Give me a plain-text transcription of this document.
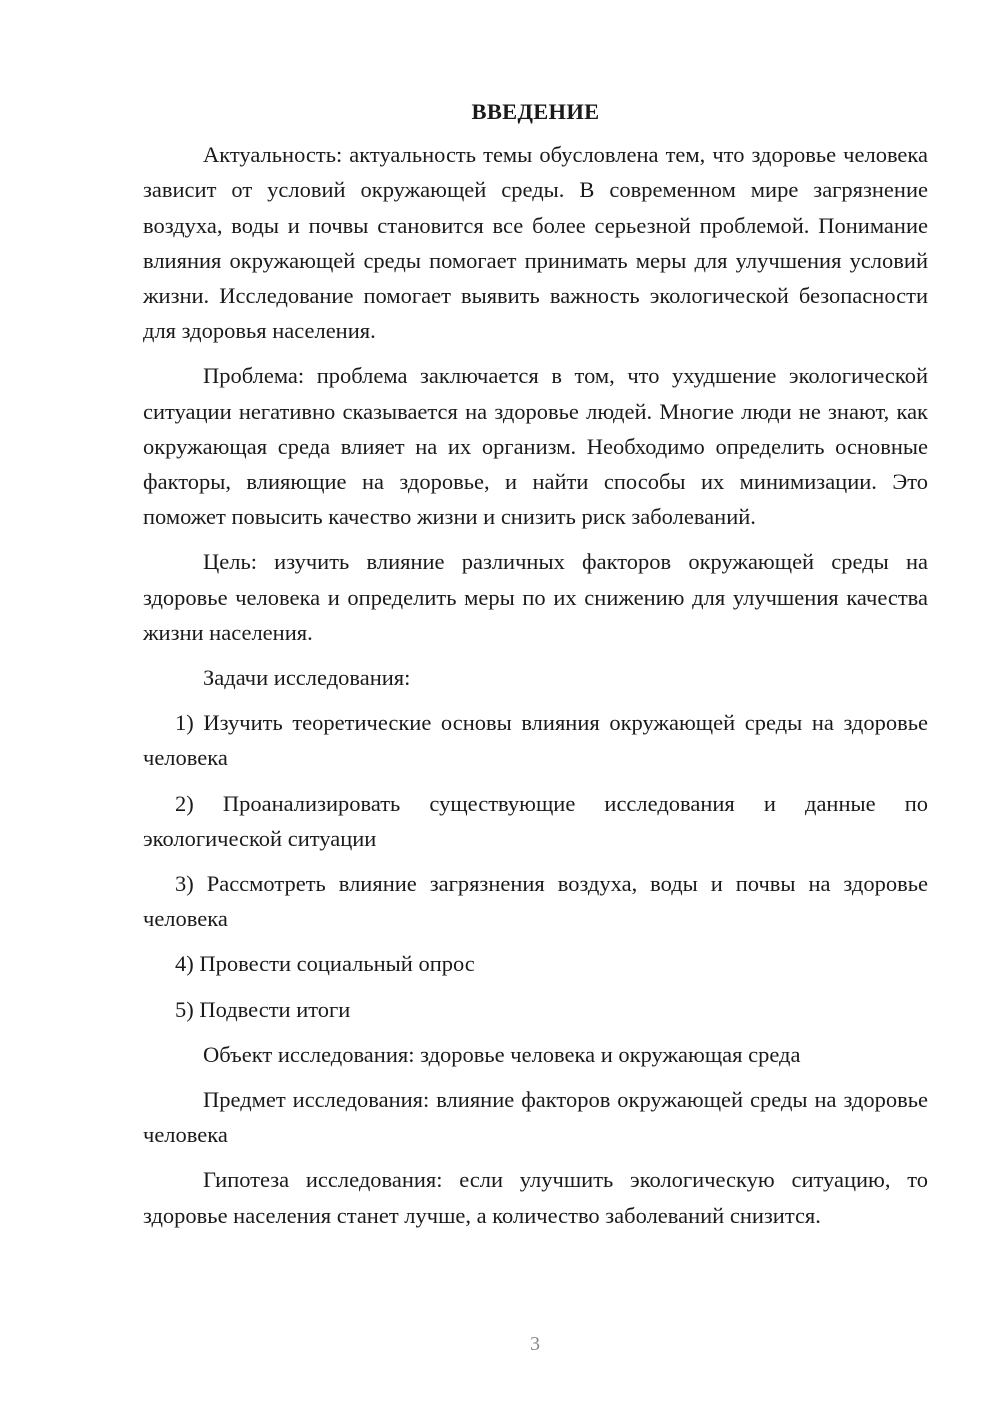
ВВЕДЕНИЕ

Актуальность: актуальность темы обусловлена тем, что здоровье человека зависит от условий окружающей среды. В современном мире загрязнение воздуха, воды и почвы становится все более серьезной проблемой. Понимание влияния окружающей среды помогает принимать меры для улучшения условий жизни. Исследование помогает выявить важность экологической безопасности для здоровья населения.

Проблема: проблема заключается в том, что ухудшение экологической ситуации негативно сказывается на здоровье людей. Многие люди не знают, как окружающая среда влияет на их организм. Необходимо определить основные факторы, влияющие на здоровье, и найти способы их минимизации. Это поможет повысить качество жизни и снизить риск заболеваний.

Цель: изучить влияние различных факторов окружающей среды на здоровье человека и определить меры по их снижению для улучшения качества жизни населения.

Задачи исследования:

1) Изучить теоретические основы влияния окружающей среды на здоровье человека

2) Проанализировать существующие исследования и данные по экологической ситуации

3) Рассмотреть влияние загрязнения воздуха, воды и почвы на здоровье человека

4) Провести социальный опрос

5) Подвести итоги

Объект исследования: здоровье человека и окружающая среда

Предмет исследования: влияние факторов окружающей среды на здоровье человека

Гипотеза исследования: если улучшить экологическую ситуацию, то здоровье населения станет лучше, а количество заболеваний снизится.

3
